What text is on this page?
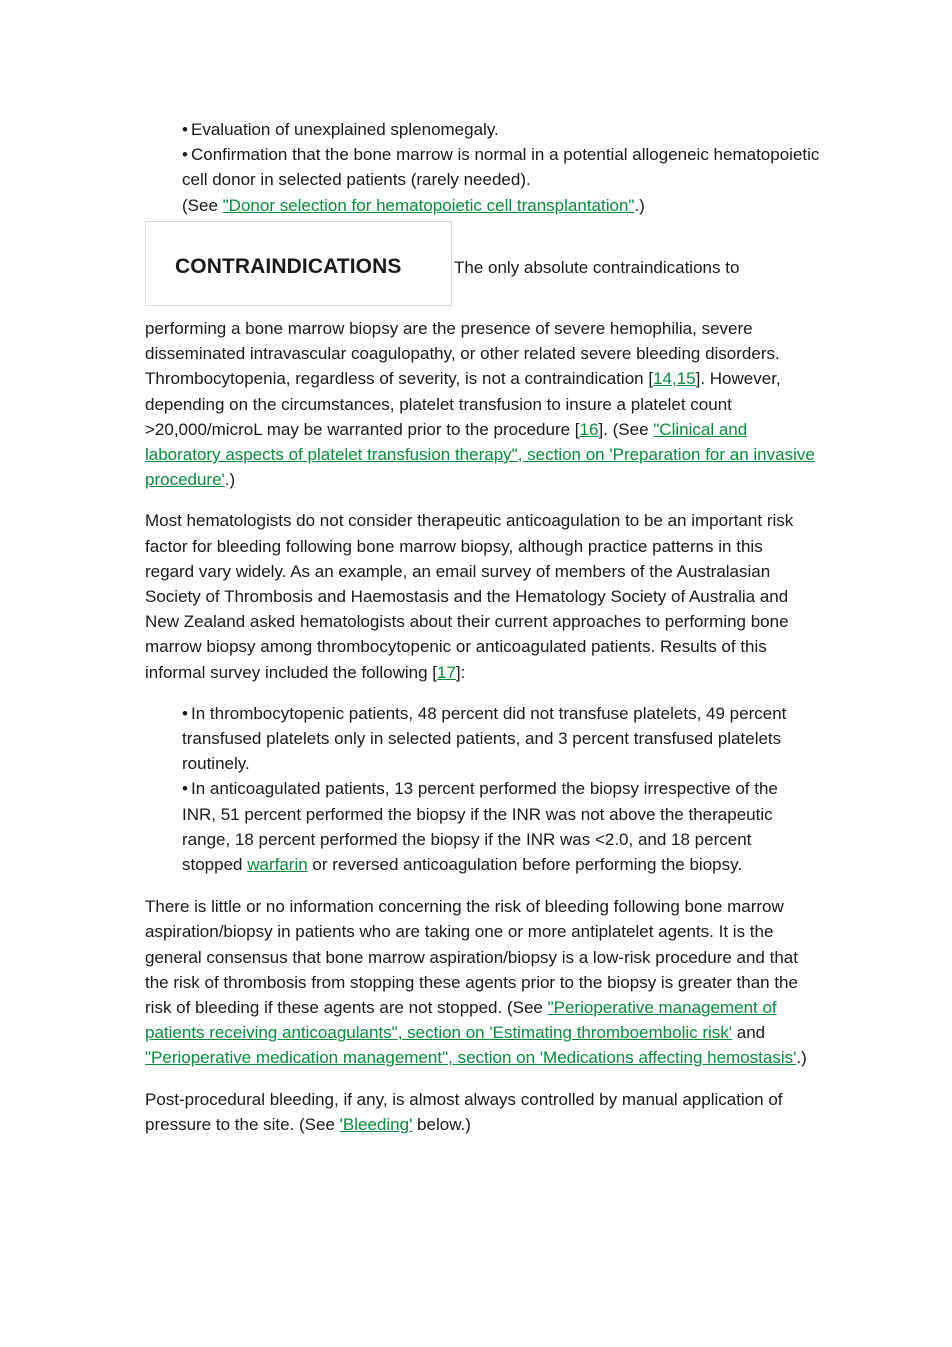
• Evaluation of unexplained splenomegaly.
• Confirmation that the bone marrow is normal in a potential allogeneic hematopoietic cell donor in selected patients (rarely needed).
(See "Donor selection for hematopoietic cell transplantation".)
CONTRAINDICATIONS	The only absolute contraindications to

performing a bone marrow biopsy are the presence of severe hemophilia, severe disseminated intravascular coagulopathy, or other related severe bleeding disorders. Thrombocytopenia, regardless of severity, is not a contraindication [14,15]. However, depending on the circumstances, platelet transfusion to insure a platelet count >20,000/microL may be warranted prior to the procedure [16]. (See "Clinical and laboratory aspects of platelet transfusion therapy", section on 'Preparation for an invasive procedure'.)

Most hematologists do not consider therapeutic anticoagulation to be an important risk factor for bleeding following bone marrow biopsy, although practice patterns in this regard vary widely. As an example, an email survey of members of the Australasian Society of Thrombosis and Haemostasis and the Hematology Society of Australia and New Zealand asked hematologists about their current approaches to performing bone marrow biopsy among thrombocytopenic or anticoagulated patients. Results of this informal survey included the following [17]:

• In thrombocytopenic patients, 48 percent did not transfuse platelets, 49 percent transfused platelets only in selected patients, and 3 percent transfused platelets routinely.
• In anticoagulated patients, 13 percent performed the biopsy irrespective of the INR, 51 percent performed the biopsy if the INR was not above the therapeutic range, 18 percent performed the biopsy if the INR was <2.0, and 18 percent stopped warfarin or reversed anticoagulation before performing the biopsy.

There is little or no information concerning the risk of bleeding following bone marrow aspiration/biopsy in patients who are taking one or more antiplatelet agents. It is the general consensus that bone marrow aspiration/biopsy is a low-risk procedure and that the risk of thrombosis from stopping these agents prior to the biopsy is greater than the risk of bleeding if these agents are not stopped. (See "Perioperative management of patients receiving anticoagulants", section on 'Estimating thromboembolic risk' and "Perioperative medication management", section on 'Medications affecting hemostasis'.)

Post-procedural bleeding, if any, is almost always controlled by manual application of pressure to the site. (See 'Bleeding' below.)
